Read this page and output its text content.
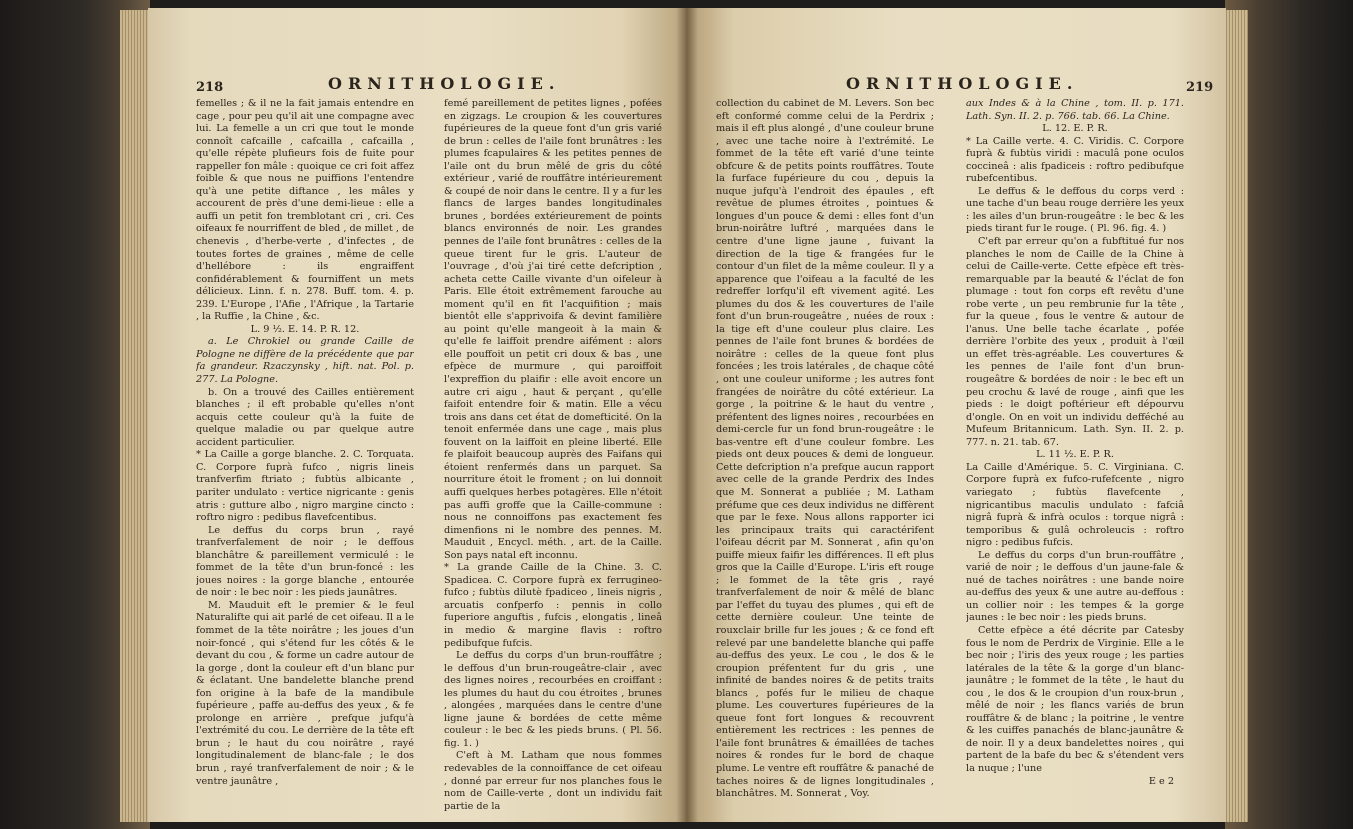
218	ORNITHOLOGIE.

femelles ; & il ne la fait jamais entendre en cage , pour peu qu'il ait une compagne avec lui. La femelle a un cri que tout le monde connoît cafcaille , cafcailla , cafcailla , qu'elle répète plufieurs fois de fuite pour rappeller fon mâle : quoique ce cri foit affez foible & que nous ne puiffions l'entendre qu'à une petite diftance , les mâles y accourent de près d'une demi-lieue : elle a auffi un petit fon tremblotant cri , cri. Ces oifeaux fe nourriffent de bled , de millet , de chenevis , d'herbe-verte , d'infectes , de toutes fortes de graines , même de celle d'hellébore : ils engraiffent confidérablement & fourniffent un mets délicieux. Linn. f. n. 278. Buff. tom. 4. p. 239. L'Europe , l'Afie , l'Afrique , la Tartarie , la Ruffie , la Chine , &c.

L. 9 ½. E. 14. P. R. 12.

a. Le Chrokiel ou grande Caille de Pologne ne diffère de la précédente que par fa grandeur. Rzaczynsky , hift. nat. Pol. p. 277. La Pologne.

b. On a trouvé des Cailles entièrement blanches ; il eft probable qu'elles n'ont acquis cette couleur qu'à la fuite de quelque maladie ou par quelque autre accident particulier.

* La Caille a gorge blanche. 2. C. Torquata. C. Corpore fuprà fufco , nigris lineis tranfverfim ftriato ; fubtùs albicante , pariter undulato : vertice nigricante : genis atris : gutture albo , nigro margine cincto : roftro nigro : pedibus flavefcentibus.

Le deffus du corps brun , rayé tranfverfalement de noir ; le deffous blanchâtre & pareillement vermiculé : le fommet de la tête d'un brun-foncé : les joues noires : la gorge blanche , entourée de noir : le bec noir : les pieds jaunâtres.

M. Mauduit eft le premier & le feul Naturalifte qui ait parlé de cet oifeau. Il a le fommet de la tête noirâtre ; les joues d'un noir-foncé , qui s'étend fur les côtés & le devant du cou , & forme un cadre autour de la gorge , dont la couleur eft d'un blanc pur & éclatant. Une bandelette blanche prend fon origine à la bafe de la mandibule fupérieure , paffe au-deffus des yeux , & fe prolonge en arrière , prefque jufqu'à l'extrémité du cou. Le derrière de la tête eft brun ; le haut du cou noirâtre , rayé longitudinalement de blanc-fale ; le dos brun , rayé tranfverfalement de noir ; & le ventre jaunâtre ,

femé pareillement de petites lignes , pofées en zigzags. Le croupion & les couvertures fupérieures de la queue font d'un gris varié de brun : celles de l'aile font brunâtres : les plumes fcapulaires & les petites pennes de l'aile ont du brun mêlé de gris du côté extérieur , varié de rouffâtre intérieurement & coupé de noir dans le centre. Il y a fur les flancs de larges bandes longitudinales brunes , bordées extérieurement de points blancs environnés de noir. Les grandes pennes de l'aile font brunâtres : celles de la queue tirent fur le gris. L'auteur de l'ouvrage , d'où j'ai tiré cette defcription , acheta cette Caille vivante d'un oifeleur à Paris. Elle étoit extrêmement farouche au moment qu'il en fit l'acquifition ; mais bientôt elle s'apprivoifa & devint familière au point qu'elle mangeoit à la main & qu'elle fe laiffoit prendre aifément : alors elle pouffoit un petit cri doux & bas , une efpèce de murmure , qui paroiffoit l'expreffion du plaifir : elle avoit encore un autre cri aigu , haut & perçant , qu'elle faifoit entendre foir & matin. Elle a vécu trois ans dans cet état de domefticité. On la tenoit enfermée dans une cage , mais plus fouvent on la laiffoit en pleine liberté. Elle fe plaifoit beaucoup auprès des Faifans qui étoient renfermés dans un parquet. Sa nourriture étoit le froment ; on lui donnoit auffi quelques herbes potagères. Elle n'étoit pas auffi groffe que la Caille-commune : nous ne connoiffons pas exactement fes dimenfions ni le nombre des pennes. M. Mauduit , Encycl. méth. , art. de la Caille. Son pays natal eft inconnu.

* La grande Caille de la Chine. 3. C. Spadicea. C. Corpore fuprà ex ferrugineo-fufco ; fubtùs dilutè fpadiceo , lineis nigris , arcuatis confperfo : pennis in collo fuperiore anguftis , fufcis , elongatis , lineâ in medio & margine flavis : roftro pedibufque fufcis.

Le deffus du corps d'un brun-rouffâtre ; le deffous d'un brun-rougeâtre-clair , avec des lignes noires , recourbées en croiffant : les plumes du haut du cou étroites , brunes , alongées , marquées dans le centre d'une ligne jaune & bordées de cette même couleur : le bec & les pieds bruns. ( Pl. 56. fig. 1. )

C'eft à M. Latham que nous fommes redevables de la connoiffance de cet oifeau , donné par erreur fur nos planches fous le nom de Caille-verte , dont un individu fait partie de la

ORNITHOLOGIE.	219

collection du cabinet de M. Levers. Son bec eft conformé comme celui de la Perdrix ; mais il eft plus alongé , d'une couleur brune , avec une tache noire à l'extrémité. Le fommet de la tête eft varié d'une teinte obfcure & de petits points rouffâtres. Toute la furface fupérieure du cou , depuis la nuque jufqu'à l'endroit des épaules , eft revêtue de plumes étroites , pointues & longues d'un pouce & demi : elles font d'un brun-noirâtre luftré , marquées dans le centre d'une ligne jaune , fuivant la direction de la tige & frangées fur le contour d'un filet de la même couleur. Il y a apparence que l'oifeau a la faculté de les redreffer lorfqu'il eft vivement agité. Les plumes du dos & les couvertures de l'aile font d'un brun-rougeâtre , nuées de roux : la tige eft d'une couleur plus claire. Les pennes de l'aile font brunes & bordées de noirâtre : celles de la queue font plus foncées ; les trois latérales , de chaque côté , ont une couleur uniforme ; les autres font frangées de noirâtre du côté extérieur. La gorge , la poitrine & le haut du ventre , préfentent des lignes noires , recourbées en demi-cercle fur un fond brun-rougeâtre : le bas-ventre eft d'une couleur fombre. Les pieds ont deux pouces & demi de longueur. Cette defcription n'a prefque aucun rapport avec celle de la grande Perdrix des Indes que M. Sonnerat a publiée ; M. Latham préfume que ces deux individus ne diffèrent que par le fexe. Nous allons rapporter ici les principaux traits qui caractérifent l'oifeau décrit par M. Sonnerat , afin qu'on puiffe mieux faifir les différences. Il eft plus gros que la Caille d'Europe. L'iris eft rouge ; le fommet de la tête gris , rayé tranfverfalement de noir & mêlé de blanc par l'effet du tuyau des plumes , qui eft de cette dernière couleur. Une teinte de rouxclair brille fur les joues ; & ce fond eft relevé par une bandelette blanche qui paffe au-deffus des yeux. Le cou , le dos & le croupion préfentent fur du gris , une infinité de bandes noires & de petits traits blancs , pofés fur le milieu de chaque plume. Les couvertures fupérieures de la queue font fort longues & recouvrent entièrement les rectrices : les pennes de l'aile font brunâtres & émaillées de taches noires & rondes fur le bord de chaque plume. Le ventre eft rouffâtre & panaché de taches noires & de lignes longitudinales , blanchâtres. M. Sonnerat , Voy.

aux Indes & à la Chine , tom. II. p. 171. Lath. Syn. II. 2. p. 766. tab. 66. La Chine.

L. 12. E. P. R.

* La Caille verte. 4. C. Viridis. C. Corpore fuprà & fubtùs viridi : maculâ pone oculos coccineâ : alis fpadiceis : roftro pedibufque rubefcentibus.

Le deffus & le deffous du corps verd : une tache d'un beau rouge derrière les yeux : les ailes d'un brun-rougeâtre : le bec & les pieds tirant fur le rouge. ( Pl. 96. fig. 4. )

C'eft par erreur qu'on a fubftitué fur nos planches le nom de Caille de la Chine à celui de Caille-verte. Cette efpèce eft très-remarquable par la beauté & l'éclat de fon plumage : tout fon corps eft revêtu d'une robe verte , un peu rembrunie fur la tête , fur la queue , fous le ventre & autour de l'anus. Une belle tache écarlate , pofée derrière l'orbite des yeux , produit à l'œil un effet très-agréable. Les couvertures & les pennes de l'aile font d'un brun-rougeâtre & bordées de noir : le bec eft un peu crochu & lavé de rouge , ainfi que les pieds : le doigt poftérieur eft dépourvu d'ongle. On en voit un individu defféché au Mufeum Britannicum. Lath. Syn. II. 2. p. 777. n. 21. tab. 67.

L. 11 ½. E. P. R.

La Caille d'Amérique. 5. C. Virginiana. C. Corpore fuprà ex fufco-rufefcente , nigro variegato ; fubtùs flavefcente , nigricantibus maculis undulato : fafciâ nigrâ fuprà & infrà oculos : torque nigrâ : temporibus & gulâ ochroleucis : roftro nigro : pedibus fufcis.

Le deffus du corps d'un brun-rouffâtre , varié de noir ; le deffous d'un jaune-fale & nué de taches noirâtres : une bande noire au-deffus des yeux & une autre au-deffous : un collier noir : les tempes & la gorge jaunes : le bec noir : les pieds bruns.

Cette efpèce a été décrite par Catesby fous le nom de Perdrix de Virginie. Elle a le bec noir ; l'iris des yeux rouge ; les parties latérales de la tête & la gorge d'un blanc-jaunâtre ; le fommet de la tête , le haut du cou , le dos & le croupion d'un roux-brun , mêlé de noir ; les flancs variés de brun rouffâtre & de blanc ; la poitrine , le ventre & les cuiffes panachés de blanc-jaunâtre & de noir. Il y a deux bandelettes noires , qui partent de la bafe du bec & s'étendent vers la nuque ; l'une

E e 2
